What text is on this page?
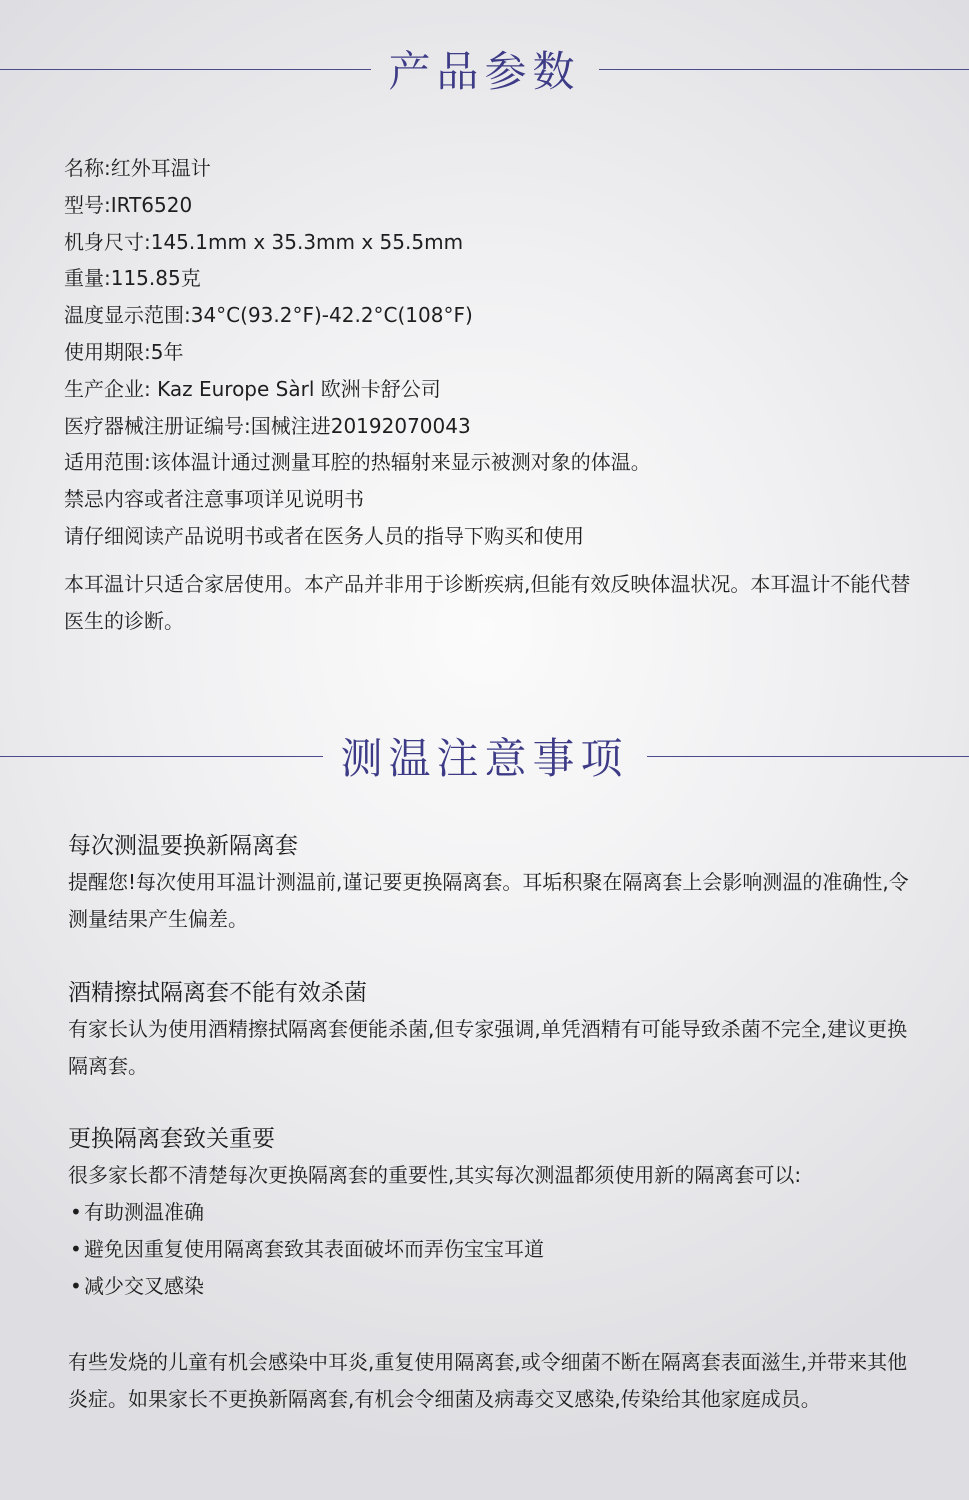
产品参数
名称:红外耳温计
型号:IRT6520
机身尺寸:145.1mm x 35.3mm x 55.5mm
重量:115.85克
温度显示范围:34°C(93.2°F)-42.2°C(108°F)
使用期限:5年
生产企业: Kaz Europe Sàrl 欧洲卡舒公司
医疗器械注册证编号:国械注进20192070043
适用范围:该体温计通过测量耳腔的热辐射来显示被测对象的体温。
禁忌内容或者注意事项详见说明书
请仔细阅读产品说明书或者在医务人员的指导下购买和使用

本耳温计只适合家居使用。本产品并非用于诊断疾病,但能有效反映体温状况。本耳温计不能代替医生的诊断。

测温注意事项
每次测温要换新隔离套

提醒您!每次使用耳温计测温前,谨记要更换隔离套。耳垢积聚在隔离套上会影响测温的准确性,令测量结果产生偏差。

酒精擦拭隔离套不能有效杀菌

有家长认为使用酒精擦拭隔离套便能杀菌,但专家强调,单凭酒精有可能导致杀菌不完全,建议更换隔离套。

更换隔离套致关重要

很多家长都不清楚每次更换隔离套的重要性,其实每次测温都须使用新的隔离套可以:

• 有助测温准确
• 避免因重复使用隔离套致其表面破坏而弄伤宝宝耳道
• 减少交叉感染

有些发烧的儿童有机会感染中耳炎,重复使用隔离套,或令细菌不断在隔离套表面滋生,并带来其他炎症。如果家长不更换新隔离套,有机会令细菌及病毒交叉感染,传染给其他家庭成员。
